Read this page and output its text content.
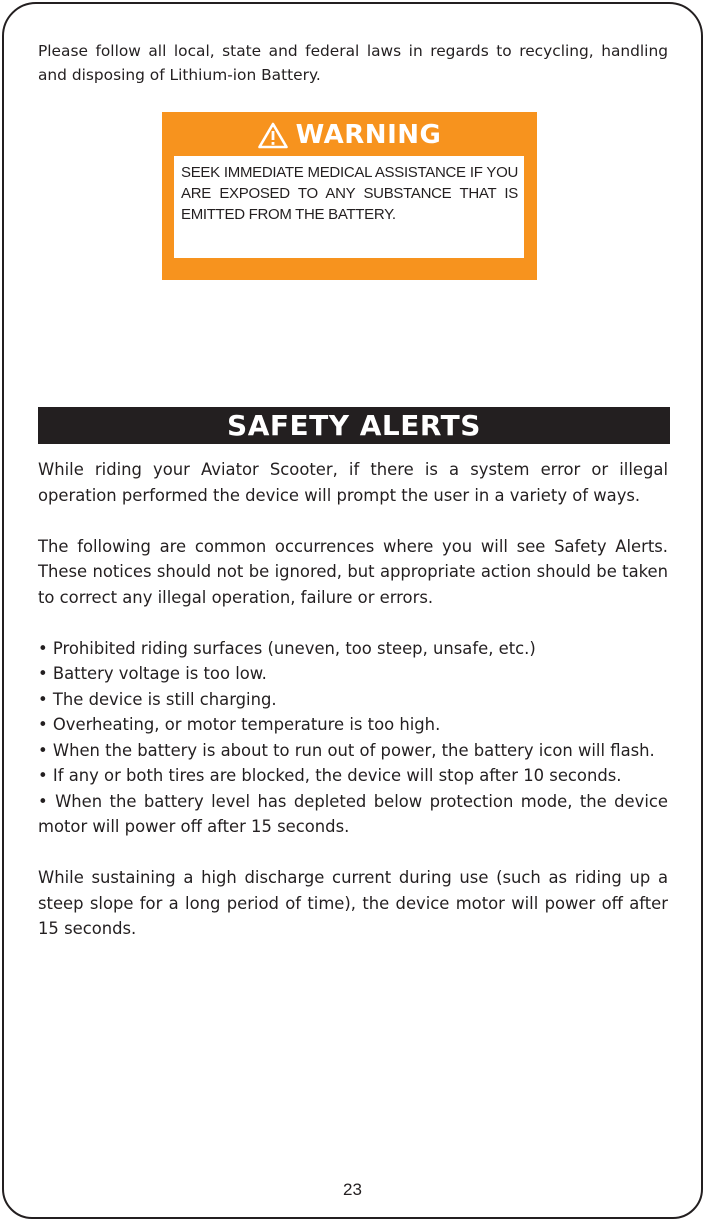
Please follow all local, state and federal laws in regards to recycling, handling and disposing of Lithium-ion Battery.
WARNING
SEEK IMMEDIATE MEDICAL ASSISTANCE IF YOU ARE EXPOSED TO ANY SUBSTANCE THAT IS EMITTED FROM THE BATTERY.
SAFETY ALERTS

While riding your Aviator Scooter, if there is a system error or illegal operation performed the device will prompt the user in a variety of ways.

The following are common occurrences where you will see Safety Alerts. These notices should not be ignored, but appropriate action should be taken to correct any illegal operation, failure or errors.

• Prohibited riding surfaces (uneven, too steep, unsafe, etc.)
• Battery voltage is too low.
• The device is still charging.
• Overheating, or motor temperature is too high.
• When the battery is about to run out of power, the battery icon will flash.
• If any or both tires are blocked, the device will stop after 10 seconds.
• When the battery level has depleted below protection mode, the device motor will power off after 15 seconds.

While sustaining a high discharge current during use (such as riding up a steep slope for a long period of time), the device motor will power off after 15 seconds.

23
